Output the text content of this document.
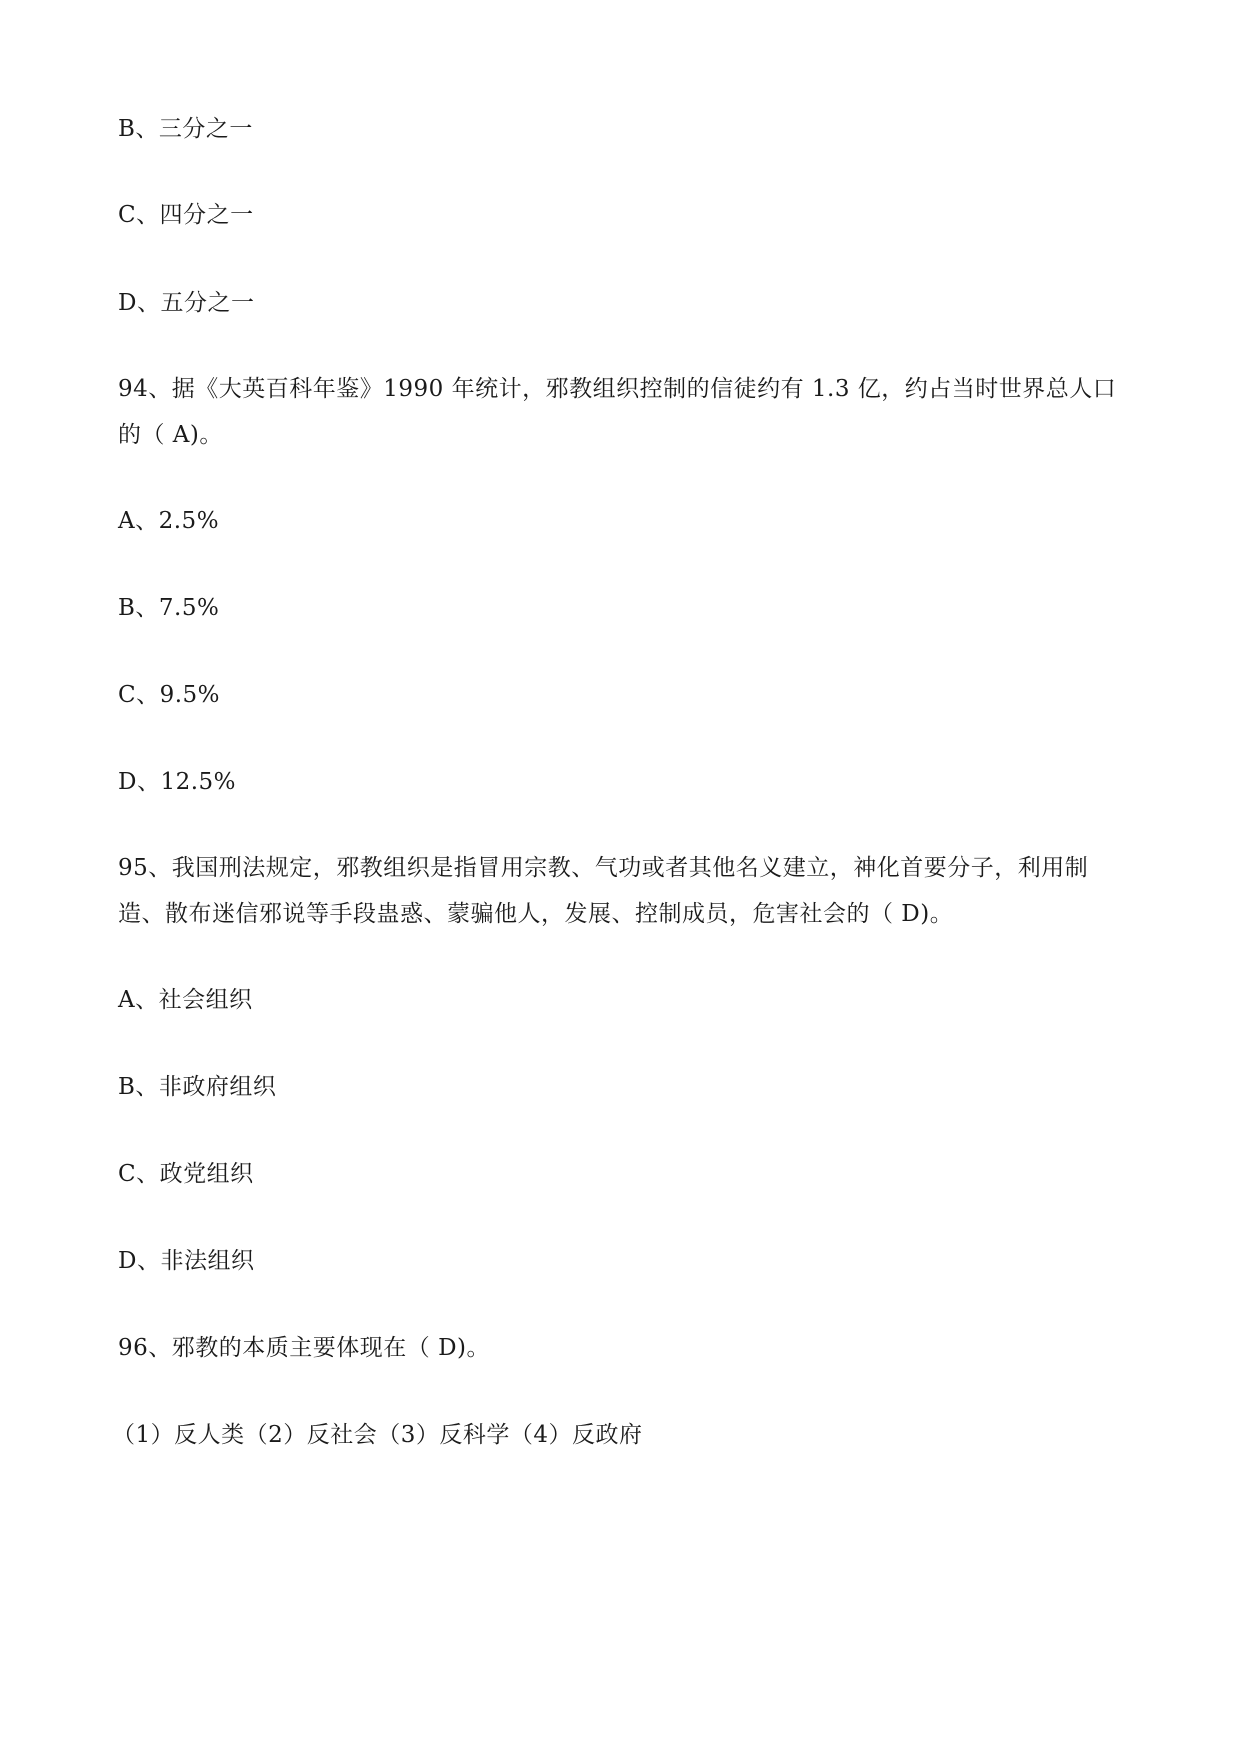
B、三分之一
C、四分之一
D、五分之一
94、据《大英百科年鉴》1990 年统计，邪教组织控制的信徒约有 1.3 亿，约占当时世界总人口的（ A)。
A、2.5%
B、7.5%
C、9.5%
D、12.5%
95、我国刑法规定，邪教组织是指冒用宗教、气功或者其他名义建立，神化首要分子，利用制造、散布迷信邪说等手段蛊惑、蒙骗他人，发展、控制成员，危害社会的（ D)。
A、社会组织
B、非政府组织
C、政党组织
D、非法组织
96、邪教的本质主要体现在（ D)。
（1）反人类（2）反社会（3）反科学（4）反政府
